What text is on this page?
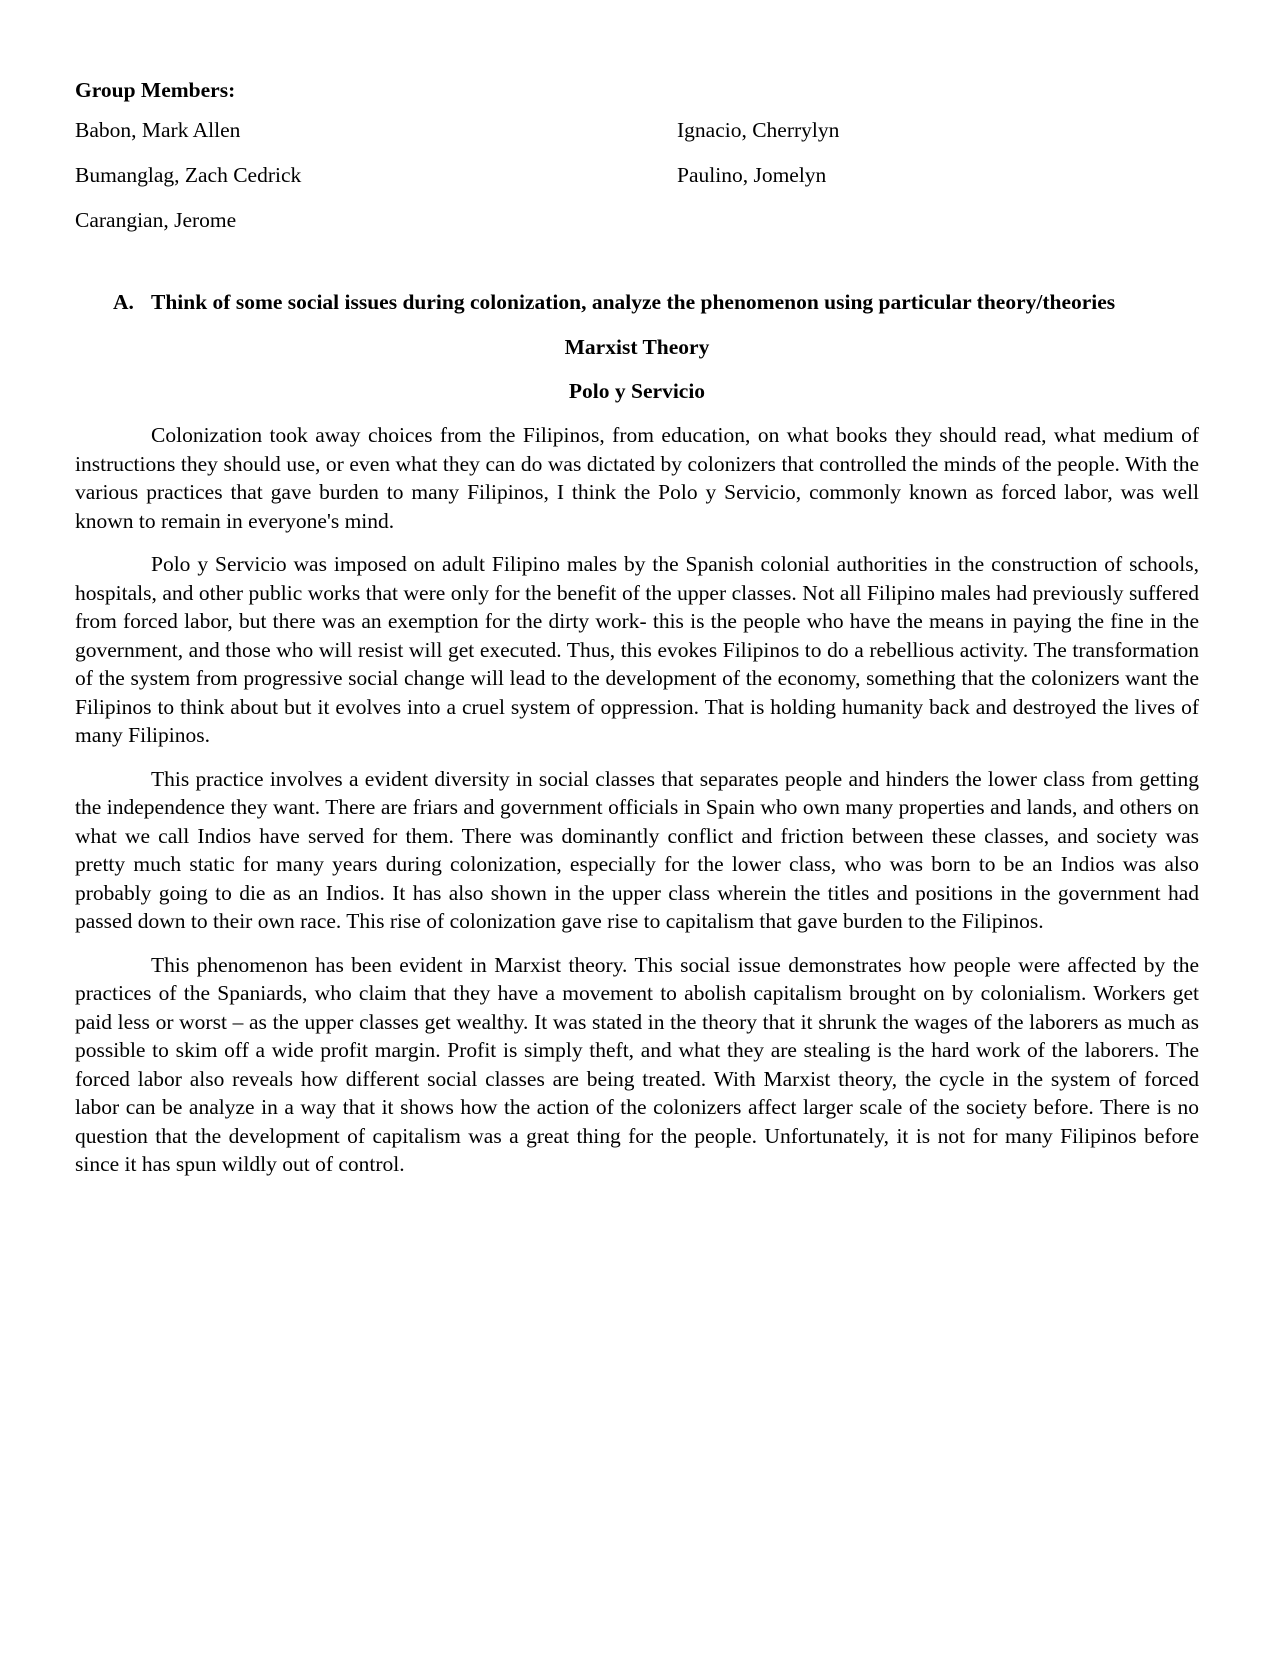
Group Members:

Babon, Mark Allen
Bumanglag, Zach Cedrick
Carangian, Jerome
Ignacio, Cherrylyn
Paulino, Jomelyn

A. Think of some social issues during colonization, analyze the phenomenon using particular theory/theories

Marxist Theory

Polo y Servicio

Colonization took away choices from the Filipinos, from education, on what books they should read, what medium of instructions they should use, or even what they can do was dictated by colonizers that controlled the minds of the people. With the various practices that gave burden to many Filipinos, I think the Polo y Servicio, commonly known as forced labor, was well known to remain in everyone's mind.

Polo y Servicio was imposed on adult Filipino males by the Spanish colonial authorities in the construction of schools, hospitals, and other public works that were only for the benefit of the upper classes. Not all Filipino males had previously suffered from forced labor, but there was an exemption for the dirty work- this is the people who have the means in paying the fine in the government, and those who will resist will get executed. Thus, this evokes Filipinos to do a rebellious activity. The transformation of the system from progressive social change will lead to the development of the economy, something that the colonizers want the Filipinos to think about but it evolves into a cruel system of oppression. That is holding humanity back and destroyed the lives of many Filipinos.

This practice involves a evident diversity in social classes that separates people and hinders the lower class from getting the independence they want. There are friars and government officials in Spain who own many properties and lands, and others on what we call Indios have served for them. There was dominantly conflict and friction between these classes, and society was pretty much static for many years during colonization, especially for the lower class, who was born to be an Indios was also probably going to die as an Indios. It has also shown in the upper class wherein the titles and positions in the government had passed down to their own race. This rise of colonization gave rise to capitalism that gave burden to the Filipinos.

This phenomenon has been evident in Marxist theory. This social issue demonstrates how people were affected by the practices of the Spaniards, who claim that they have a movement to abolish capitalism brought on by colonialism. Workers get paid less or worst – as the upper classes get wealthy. It was stated in the theory that it shrunk the wages of the laborers as much as possible to skim off a wide profit margin. Profit is simply theft, and what they are stealing is the hard work of the laborers. The forced labor also reveals how different social classes are being treated. With Marxist theory, the cycle in the system of forced labor can be analyze in a way that it shows how the action of the colonizers affect larger scale of the society before. There is no question that the development of capitalism was a great thing for the people. Unfortunately, it is not for many Filipinos before since it has spun wildly out of control.
